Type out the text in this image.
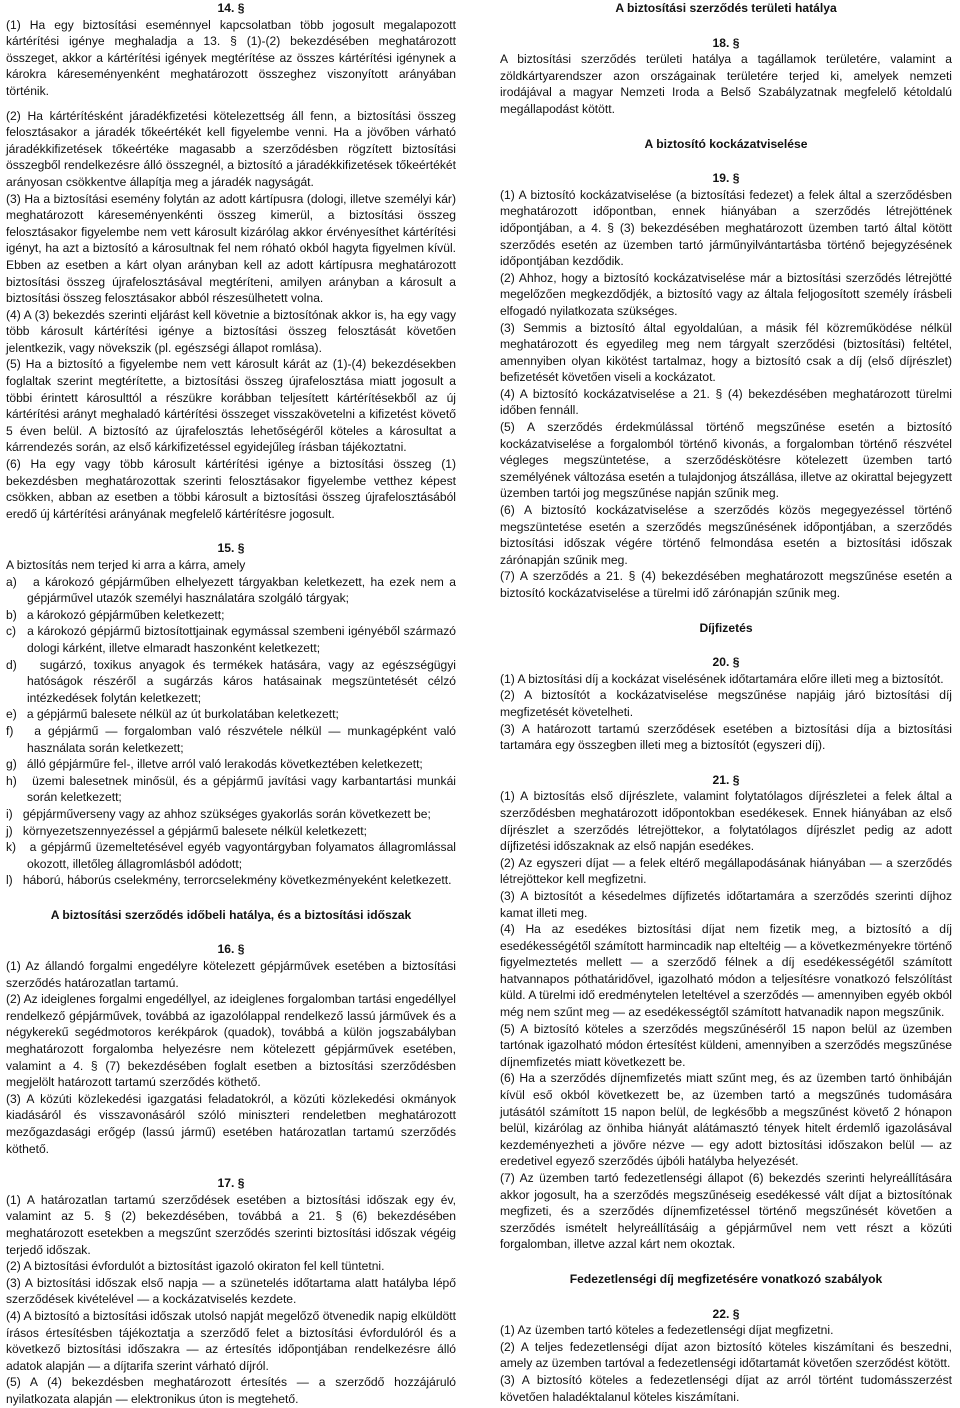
14. §

(1) Ha egy biztosítási eseménnyel kapcsolatban több jogosult megalapozott kártérítési igénye meghaladja a 13. § (1)-(2) bekezdésében meghatározott összeget, akkor a kártérítési igények megtérítése az összes kártérítési igénynek a károkra káreseményenként meghatározott összeghez viszonyított arányában történik.

(2) Ha kártérítésként járadékfizetési kötelezettség áll fenn, a biztosítási összeg felosztásakor a járadék tőkeértékét kell figyelembe venni. Ha a jövőben várható járadékkifizetések tőkeértéke magasabb a szerződésben rögzített biztosítási összegből rendelkezésre álló összegnél, a biztosító a járadékkifizetések tőkeértékét arányosan csökkentve állapítja meg a járadék nagyságát.

(3) Ha a biztosítási esemény folytán az adott kártípusra (dologi, illetve személyi kár) meghatározott káreseményenkénti összeg kimerül, a biztosítási összeg felosztásakor figyelembe nem vett károsult kizárólag akkor érvényesíthet kártérítési igényt, ha azt a biztosító a károsultnak fel nem róható okból hagyta figyelmen kívül. Ebben az esetben a kárt olyan arányban kell az adott kártípusra meghatározott biztosítási összeg újrafelosztásával megtéríteni, amilyen arányban a károsult a biztosítási összeg felosztásakor abból részesülhetett volna.

(4) A (3) bekezdés szerinti eljárást kell követnie a biztosítónak akkor is, ha egy vagy több károsult kártérítési igénye a biztosítási összeg felosztását követően jelentkezik, vagy növekszik (pl. egészségi állapot romlása).

(5) Ha a biztosító a figyelembe nem vett károsult kárát az (1)-(4) bekezdésekben foglaltak szerint megtérítette, a biztosítási összeg újrafelosztása miatt jogosult a többi érintett károsulttól a részükre korábban teljesített kártérítésekből az új kártérítési arányt meghaladó kártérítési összeget visszakövetelni a kifizetést követő 5 éven belül. A biztosító az újrafelosztás lehetőségéről köteles a károsultat a kárrendezés során, az első kárkifizetéssel egyidejűleg írásban tájékoztatni.

(6) Ha egy vagy több károsult kártérítési igénye a biztosítási összeg (1) bekezdésben meghatározottak szerinti felosztásakor figyelembe vetthez képest csökken, abban az esetben a többi károsult a biztosítási összeg újrafelosztásából eredő új kártérítési arányának megfelelő kártérítésre jogosult.

15. §

A biztosítás nem terjed ki arra a kárra, amely

a) a károkozó gépjárműben elhelyezett tárgyakban keletkezett, ha ezek nem a gépjárművel utazók személyi használatára szolgáló tárgyak;

b) a károkozó gépjárműben keletkezett;

c) a károkozó gépjármű biztosítottjainak egymással szembeni igényéből származó dologi kárként, illetve elmaradt haszonként keletkezett;

d) sugárzó, toxikus anyagok és termékek hatására, vagy az egészségügyi hatóságok részéről a sugárzás káros hatásainak megszüntetését célzó intézkedések folytán keletkezett;

e) a gépjármű balesete nélkül az út burkolatában keletkezett;

f) a gépjármű — forgalomban való részvétele nélkül — munkagépként való használata során keletkezett;

g) álló gépjárműre fel-, illetve arról való lerakodás következtében keletkezett;

h) üzemi balesetnek minősül, és a gépjármű javítási vagy karbantartási munkái során keletkezett;

i) gépjárműverseny vagy az ahhoz szükséges gyakorlás során következett be;

j) környezetszennyezéssel a gépjármű balesete nélkül keletkezett;

k) a gépjármű üzemeltetésével egyéb vagyontárgyban folyamatos állagromlással okozott, illetőleg állagromlásból adódott;

l) háború, háborús cselekmény, terrorcselekmény következményeként keletkezett.

A biztosítási szerződés időbeli hatálya, és a biztosítási időszak

16. §

(1) Az állandó forgalmi engedélyre kötelezett gépjárművek esetében a biztosítási szerződés határozatlan tartamú.

(2) Az ideiglenes forgalmi engedéllyel, az ideiglenes forgalomban tartási engedéllyel rendelkező gépjárművek, továbbá az igazolólappal rendelkező lassú járművek és a négykerekű segédmotoros kerékpárok (quadok), továbbá a külön jogszabályban meghatározott forgalomba helyezésre nem kötelezett gépjárművek esetében, valamint a 4. § (7) bekezdésében foglalt esetben a biztosítási szerződésben megjelölt határozott tartamú szerződés köthető.

(3) A közúti közlekedési igazgatási feladatokról, a közúti közlekedési okmányok kiadásáról és visszavonásáról szóló miniszteri rendeletben meghatározott mezőgazdasági erőgép (lassú jármű) esetében határozatlan tartamú szerződés köthető.

17. §

(1) A határozatlan tartamú szerződések esetében a biztosítási időszak egy év, valamint az 5. § (2) bekezdésében, továbbá a 21. § (6) bekezdésében meghatározott esetekben a megszűnt szerződés szerinti biztosítási időszak végéig terjedő időszak.

(2) A biztosítási évfordulót a biztosítást igazoló okiraton fel kell tüntetni.

(3) A biztosítási időszak első napja — a szünetelés időtartama alatt hatályba lépő szerződések kivételével — a kockázatviselés kezdete.

(4) A biztosító a biztosítási időszak utolsó napját megelőző ötvenedik napig elküldött írásos értesítésben tájékoztatja a szerződő felet a biztosítási évfordulóról és a következő biztosítási időszakra — az értesítés időpontjában rendelkezésre álló adatok alapján — a díjtarifa szerint várható díjról.

(5) A (4) bekezdésben meghatározott értesítés — a szerződő hozzájáruló nyilatkozata alapján — elektronikus úton is megtehető.

A biztosítási szerződés területi hatálya

18. §

A biztosítási szerződés területi hatálya a tagállamok területére, valamint a zöldkártyarendszer azon országainak területére terjed ki, amelyek nemzeti irodájával a magyar Nemzeti Iroda a Belső Szabályzatnak megfelelő kétoldalú megállapodást kötött.

A biztosító kockázatviselése

19. §

(1) A biztosító kockázatviselése (a biztosítási fedezet) a felek által a szerződésben meghatározott időpontban, ennek hiányában a szerződés létrejöttének időpontjában, a 4. § (3) bekezdésében meghatározott üzemben tartó által kötött szerződés esetén az üzemben tartó járműnyilvántartásba történő bejegyzésének időpontjában kezdődik.

(2) Ahhoz, hogy a biztosító kockázatviselése már a biztosítási szerződés létrejötté megelőzően megkezdődjék, a biztosító vagy az általa feljogosított személy írásbeli elfogadó nyilatkozata szükséges.

(3) Semmis a biztosító által egyoldalúan, a másik fél közreműködése nélkül meghatározott és egyedileg meg nem tárgyalt szerződési (biztosítási) feltétel, amennyiben olyan kikötést tartalmaz, hogy a biztosító csak a díj (első díjrészlet) befizetését követően viseli a kockázatot.

(4) A biztosító kockázatviselése a 21. § (4) bekezdésében meghatározott türelmi időben fennáll.

(5) A szerződés érdekmúlással történő megszűnése esetén a biztosító kockázatviselése a forgalomból történő kivonás, a forgalomban történő részvétel végleges megszüntetése, a szerződéskötésre kötelezett üzemben tartó személyének változása esetén a tulajdonjog átszállása, illetve az okirattal bejegyzett üzemben tartói jog megszűnése napján szűnik meg.

(6) A biztosító kockázatviselése a szerződés közös megegyezéssel történő megszüntetése esetén a szerződés megszűnésének időpontjában, a szerződés biztosítási időszak végére történő felmondása esetén a biztosítási időszak zárónapján szűnik meg.

(7) A szerződés a 21. § (4) bekezdésében meghatározott megszűnése esetén a biztosító kockázatviselése a türelmi idő zárónapján szűnik meg.

Díjfizetés

20. §

(1) A biztosítási díj a kockázat viselésének időtartamára előre illeti meg a biztosítót.

(2) A biztosítót a kockázatviselése megszűnése napjáig járó biztosítási díj megfizetését követelheti.

(3) A határozott tartamú szerződések esetében a biztosítási díja a biztosítási tartamára egy összegben illeti meg a biztosítót (egyszeri díj).

21. §

(1) A biztosítás első díjrészlete, valamint folytatólagos díjrészletei a felek által a szerződésben meghatározott időpontokban esedékesek. Ennek hiányában az első díjrészlet a szerződés létrejöttekor, a folytatólagos díjrészlet pedig az adott díjfizetési időszaknak az első napján esedékes.

(2) Az egyszeri díjat — a felek eltérő megállapodásának hiányában — a szerződés létrejöttekor kell megfizetni.

(3) A biztosítót a késedelmes díjfizetés időtartamára a szerződés szerinti díjhoz kamat illeti meg.

(4) Ha az esedékes biztosítási díjat nem fizetik meg, a biztosító a díj esedékességétől számított harmincadik nap elteltéig — a következményekre történő figyelmeztetés mellett — a szerződő félnek a díj esedékességétől számított hatvannapos póthatáridővel, igazolható módon a teljesítésre vonatkozó felszólítást küld. A türelmi idő eredménytelen leteltével a szerződés — amennyiben egyéb okból még nem szűnt meg — az esedékességtől számított hatvanadik napon megszűnik.

(5) A biztosító köteles a szerződés megszűnéséről 15 napon belül az üzemben tartónak igazolható módon értesítést küldeni, amennyiben a szerződés megszűnése díjnemfizetés miatt következett be.

(6) Ha a szerződés díjnemfizetés miatt szűnt meg, és az üzemben tartó önhibáján kívül eső okból következett be, az üzemben tartó a megszűnés tudomására jutásától számított 15 napon belül, de legkésőbb a megszűnést követő 2 hónapon belül, kizárólag az önhiba hiányát alátámasztó tények hitelt érdemlő igazolásával kezdeményezheti a jövőre nézve — egy adott biztosítási időszakon belül — az eredetivel egyező szerződés újbóli hatályba helyezését.

(7) Az üzemben tartó fedezetlenségi állapot (6) bekezdés szerinti helyreállítására akkor jogosult, ha a szerződés megszűnéseig esedékessé vált díjat a biztosítónak megfizeti, és a szerződés díjnemfizetéssel történő megszűnését követően a szerződés ismételt helyreállításáig a gépjárművel nem vett részt a közúti forgalomban, illetve azzal kárt nem okoztak.

Fedezetlenségi díj megfizetésére vonatkozó szabályok

22. §

(1) Az üzemben tartó köteles a fedezetlenségi díjat megfizetni.

(2) A teljes fedezetlenségi díjat azon biztosító köteles kiszámítani és beszedni, amely az üzemben tartóval a fedezetlenségi időtartamát követően szerződést kötött.

(3) A biztosító köteles a fedezetlenségi díjat az arról történt tudomásszerzést követően haladéktalanul köteles kiszámítani.
